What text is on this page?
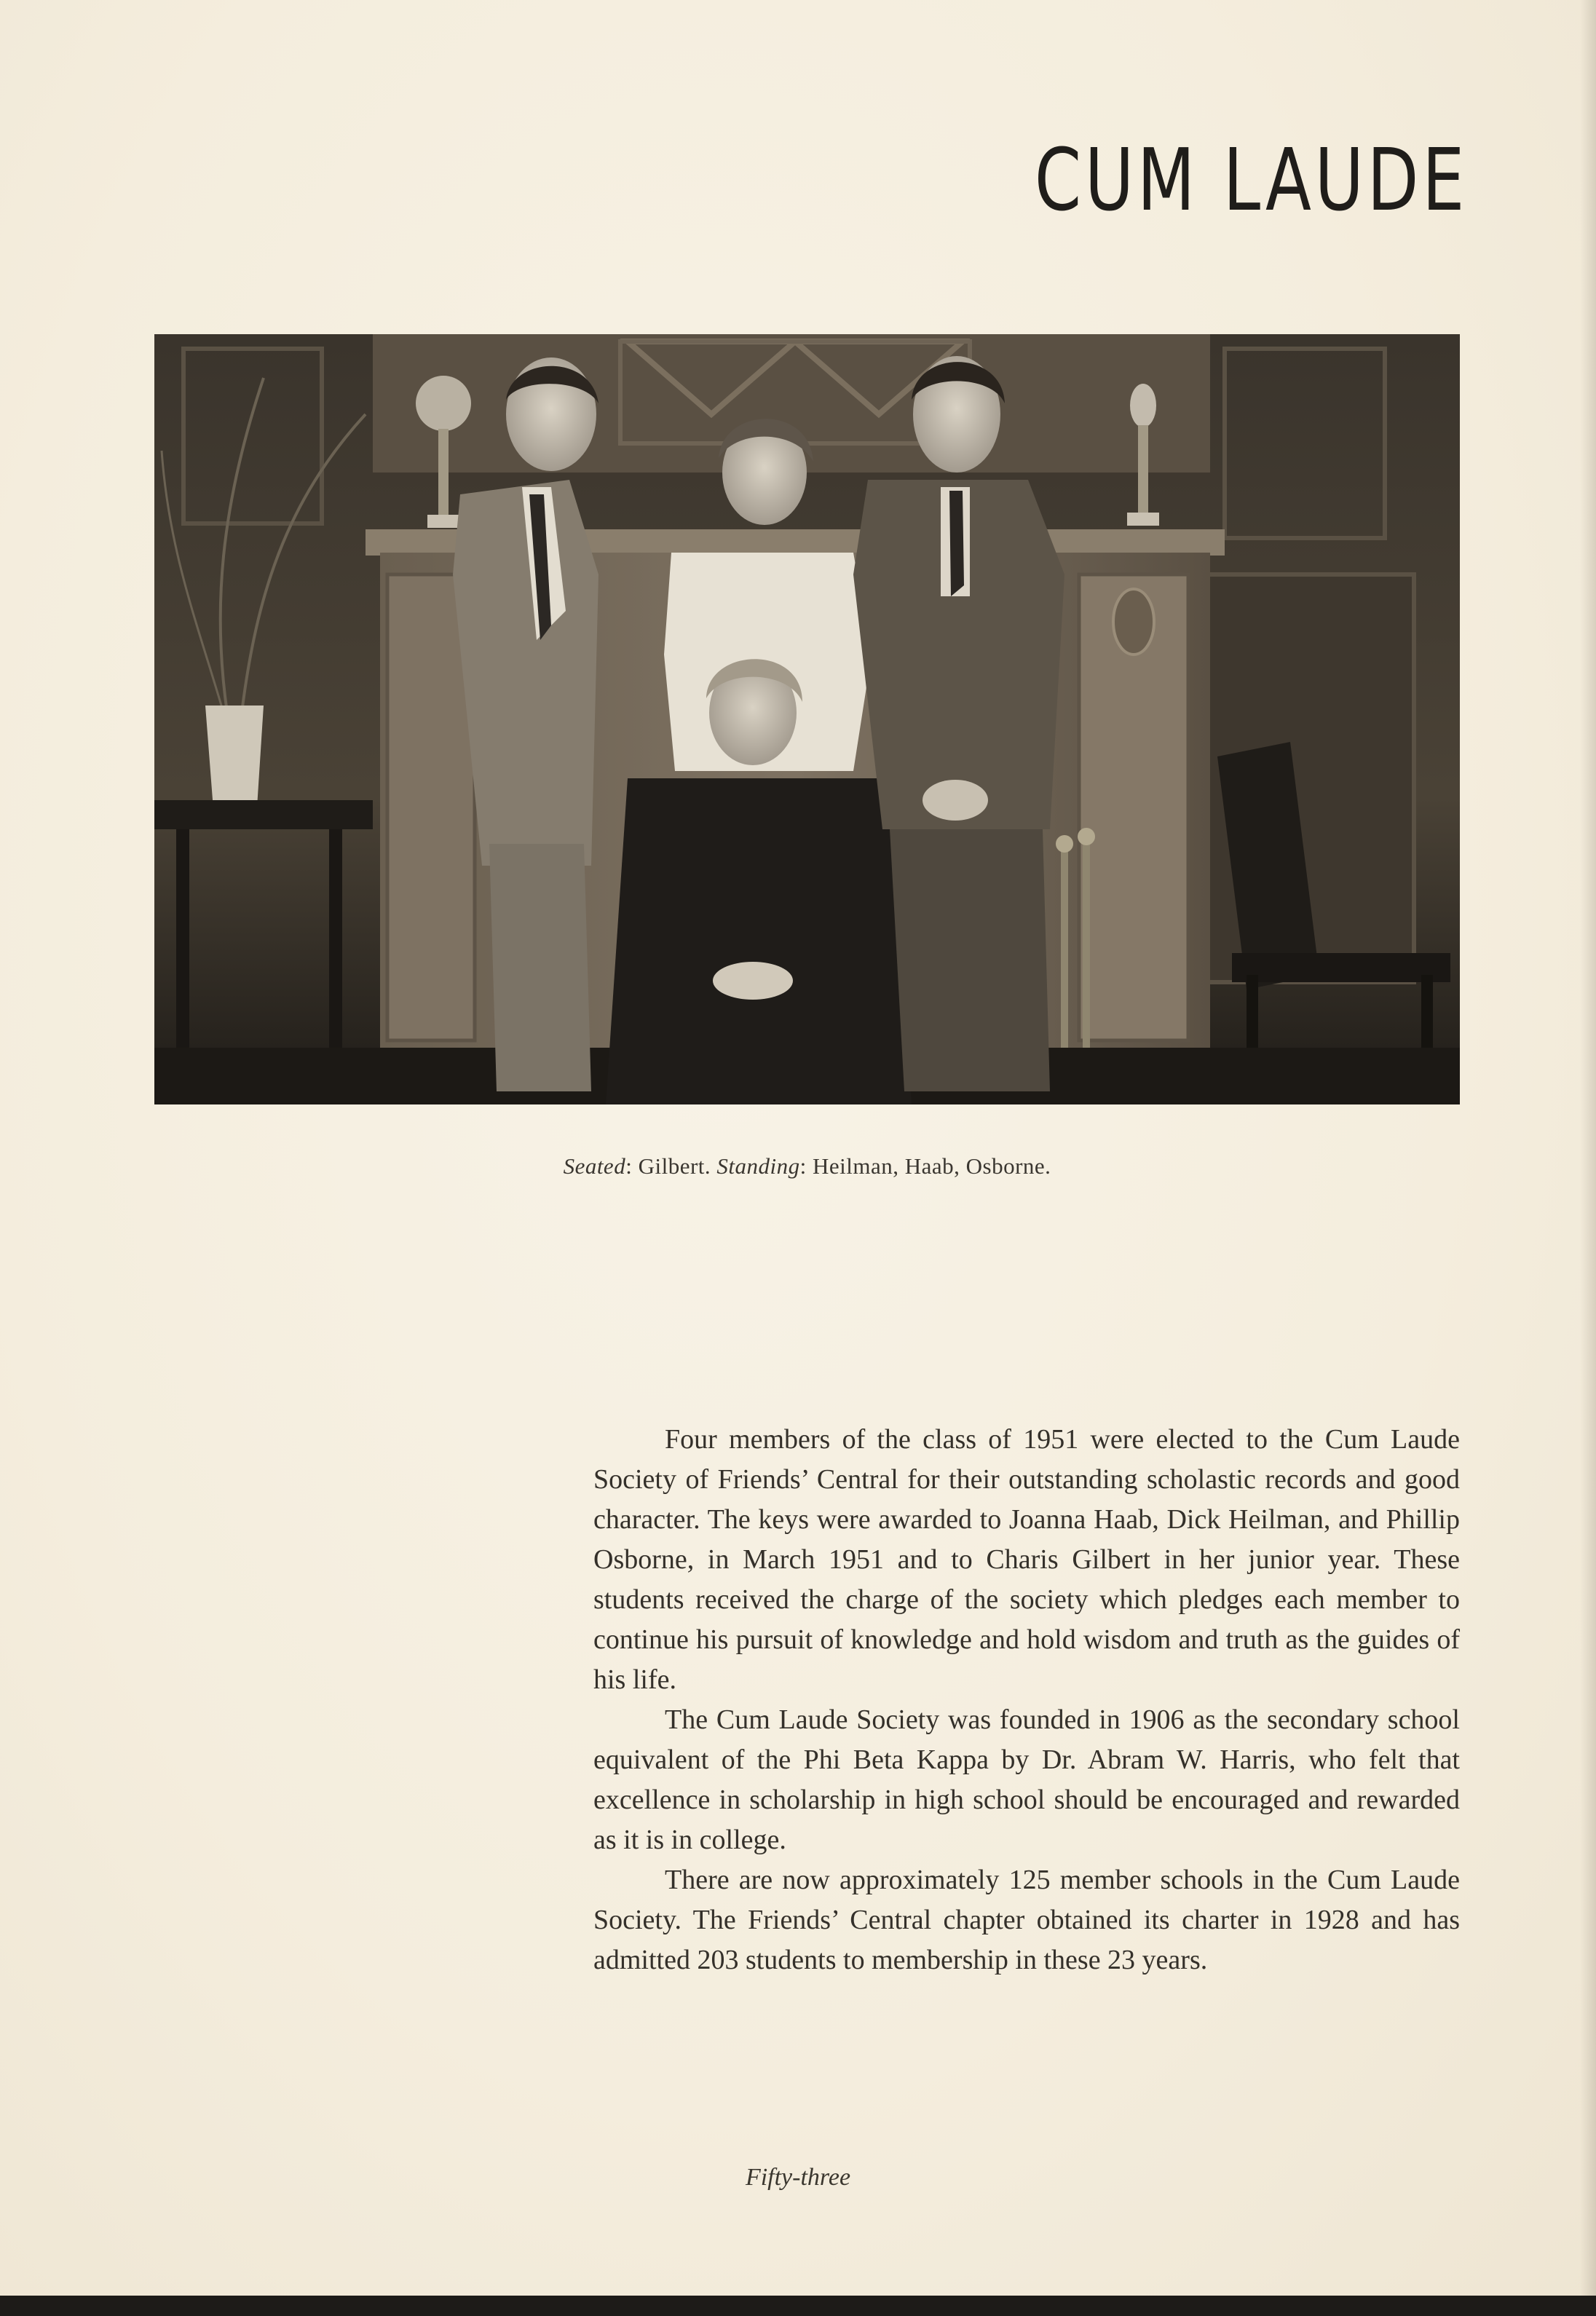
CUM LAUDE
Seated: Gilbert. Standing: Heilman, Haab, Osborne.

Four members of the class of 1951 were elected to the Cum Laude Society of Friends’ Central for their outstanding scholastic records and good character. The keys were awarded to Joanna Haab, Dick Heilman, and Phillip Osborne, in March 1951 and to Charis Gilbert in her junior year. These students received the charge of the society which pledges each member to continue his pursuit of knowledge and hold wisdom and truth as the guides of his life.

The Cum Laude Society was founded in 1906 as the secondary school equivalent of the Phi Beta Kappa by Dr. Abram W. Harris, who felt that excellence in scholarship in high school should be encouraged and rewarded as it is in college.

There are now approximately 125 member schools in the Cum Laude Society. The Friends’ Central chapter obtained its charter in 1928 and has admitted 203 students to membership in these 23 years.

Fifty-three
